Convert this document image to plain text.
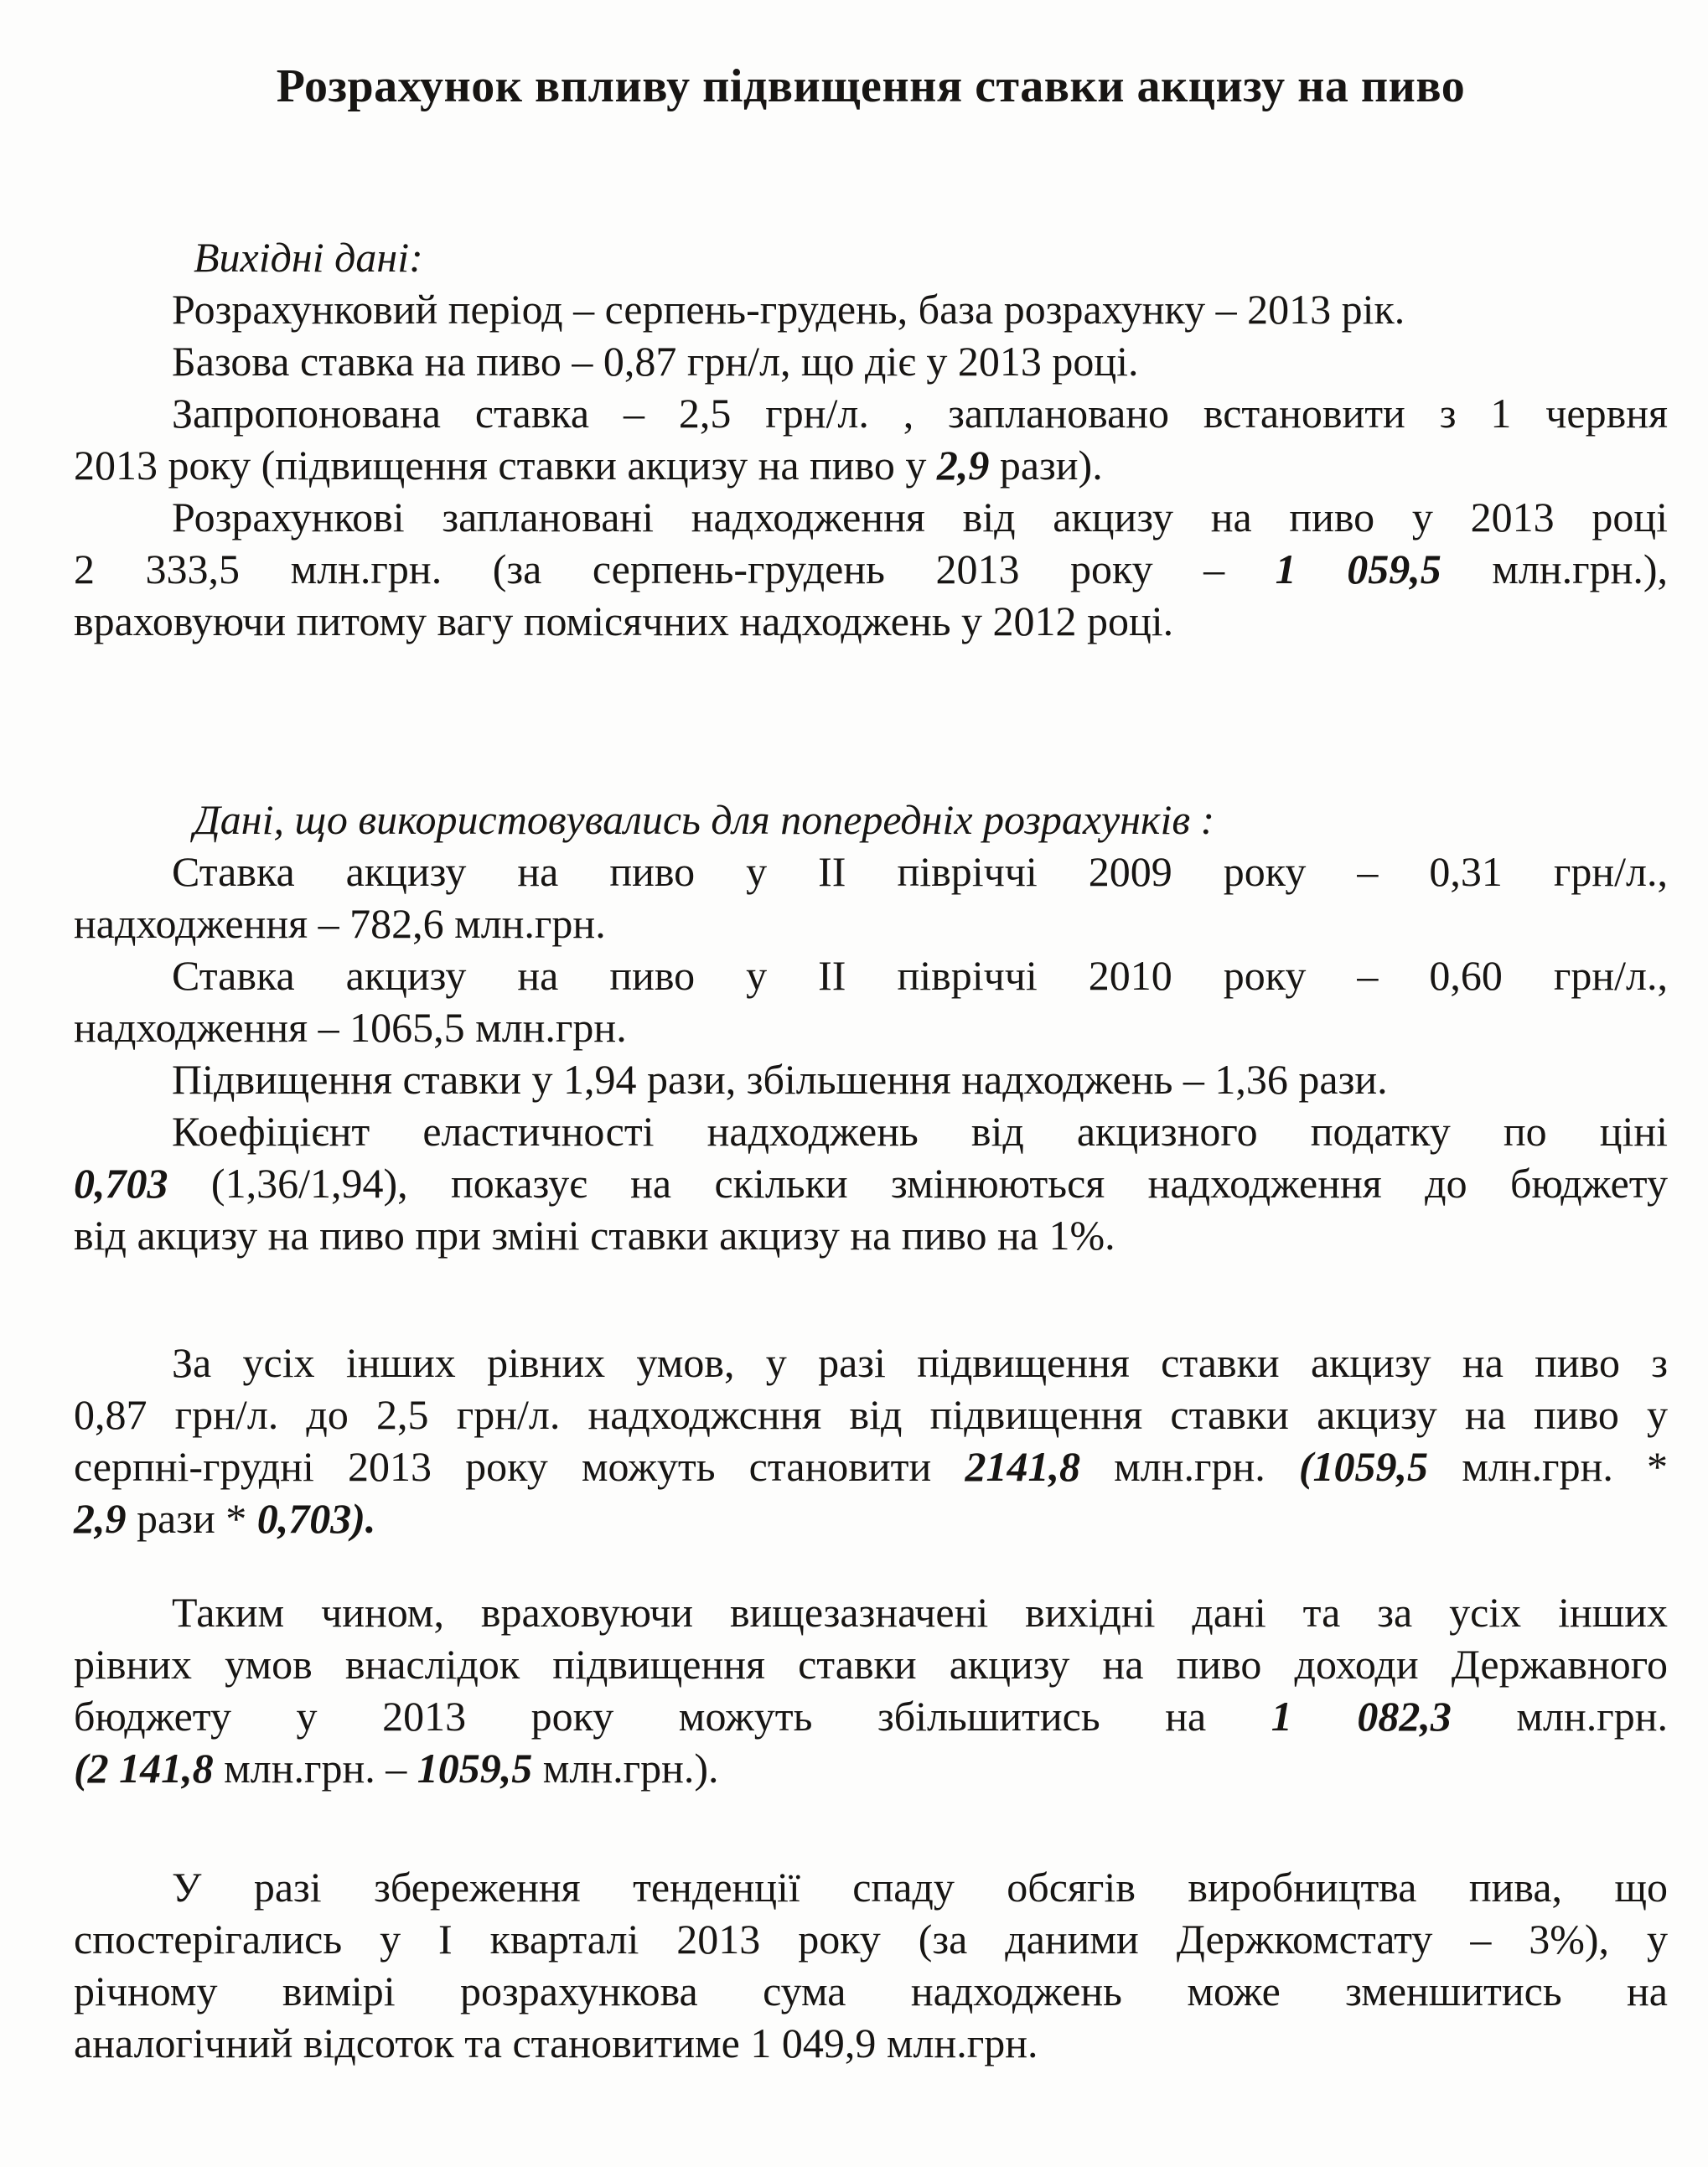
Розрахунок впливу підвищення ставки акцизу на пиво

Вихідні дані:

Розрахунковий період – серпень-грудень, база розрахунку – 2013 рік.

Базова ставка на пиво – 0,87 грн/л, що діє у 2013 році.

Запропонована ставка – 2,5 грн/л. , заплановано встановити з 1 червня
2013 року (підвищення ставки акцизу на пиво у 2,9 рази).

Розрахункові заплановані надходження від акцизу на пиво у 2013 році
2 333,5 млн.грн. (за серпень-грудень 2013 року – 1 059,5 млн.грн.),
враховуючи питому вагу помісячних надходжень у 2012 році.

Дані, що використовувались для попередніх розрахунків :

Ставка акцизу на пиво у ІІ півріччі 2009 року – 0,31 грн/л.,
надходження – 782,6 млн.грн.

Ставка акцизу на пиво у ІІ півріччі 2010 року – 0,60 грн/л.,
надходження – 1065,5 млн.грн.

Підвищення ставки у 1,94 рази, збільшення надходжень – 1,36 рази.

Коефіцієнт еластичності надходжень від акцизного податку по ціні
0,703 (1,36/1,94), показує на скільки змінюються надходження до бюджету
від акцизу на пиво при зміні ставки акцизу на пиво на 1%.

За усіх інших рівних умов, у разі підвищення ставки акцизу на пиво з
0,87 грн/л. до 2,5 грн/л. надходжсння від підвищення ставки акцизу на пиво у
серпні-грудні 2013 року можуть становити 2141,8 млн.грн. (1059,5 млн.грн. *
2,9 рази * 0,703).

Таким чином, враховуючи вищезазначені вихідні дані та за усіх інших
рівних умов внаслідок підвищення ставки акцизу на пиво доходи Державного
бюджету у 2013 року можуть збільшитись на 1 082,3 млн.грн.
(2 141,8 млн.грн. – 1059,5 млн.грн.).

У разі збереження тенденції спаду обсягів виробництва пива, що
спостерігались у І кварталі 2013 року (за даними Держкомстату – 3%), у
річному вимірі розрахункова сума надходжень може зменшитись на
аналогічний відсоток та становитиме 1 049,9 млн.грн.
